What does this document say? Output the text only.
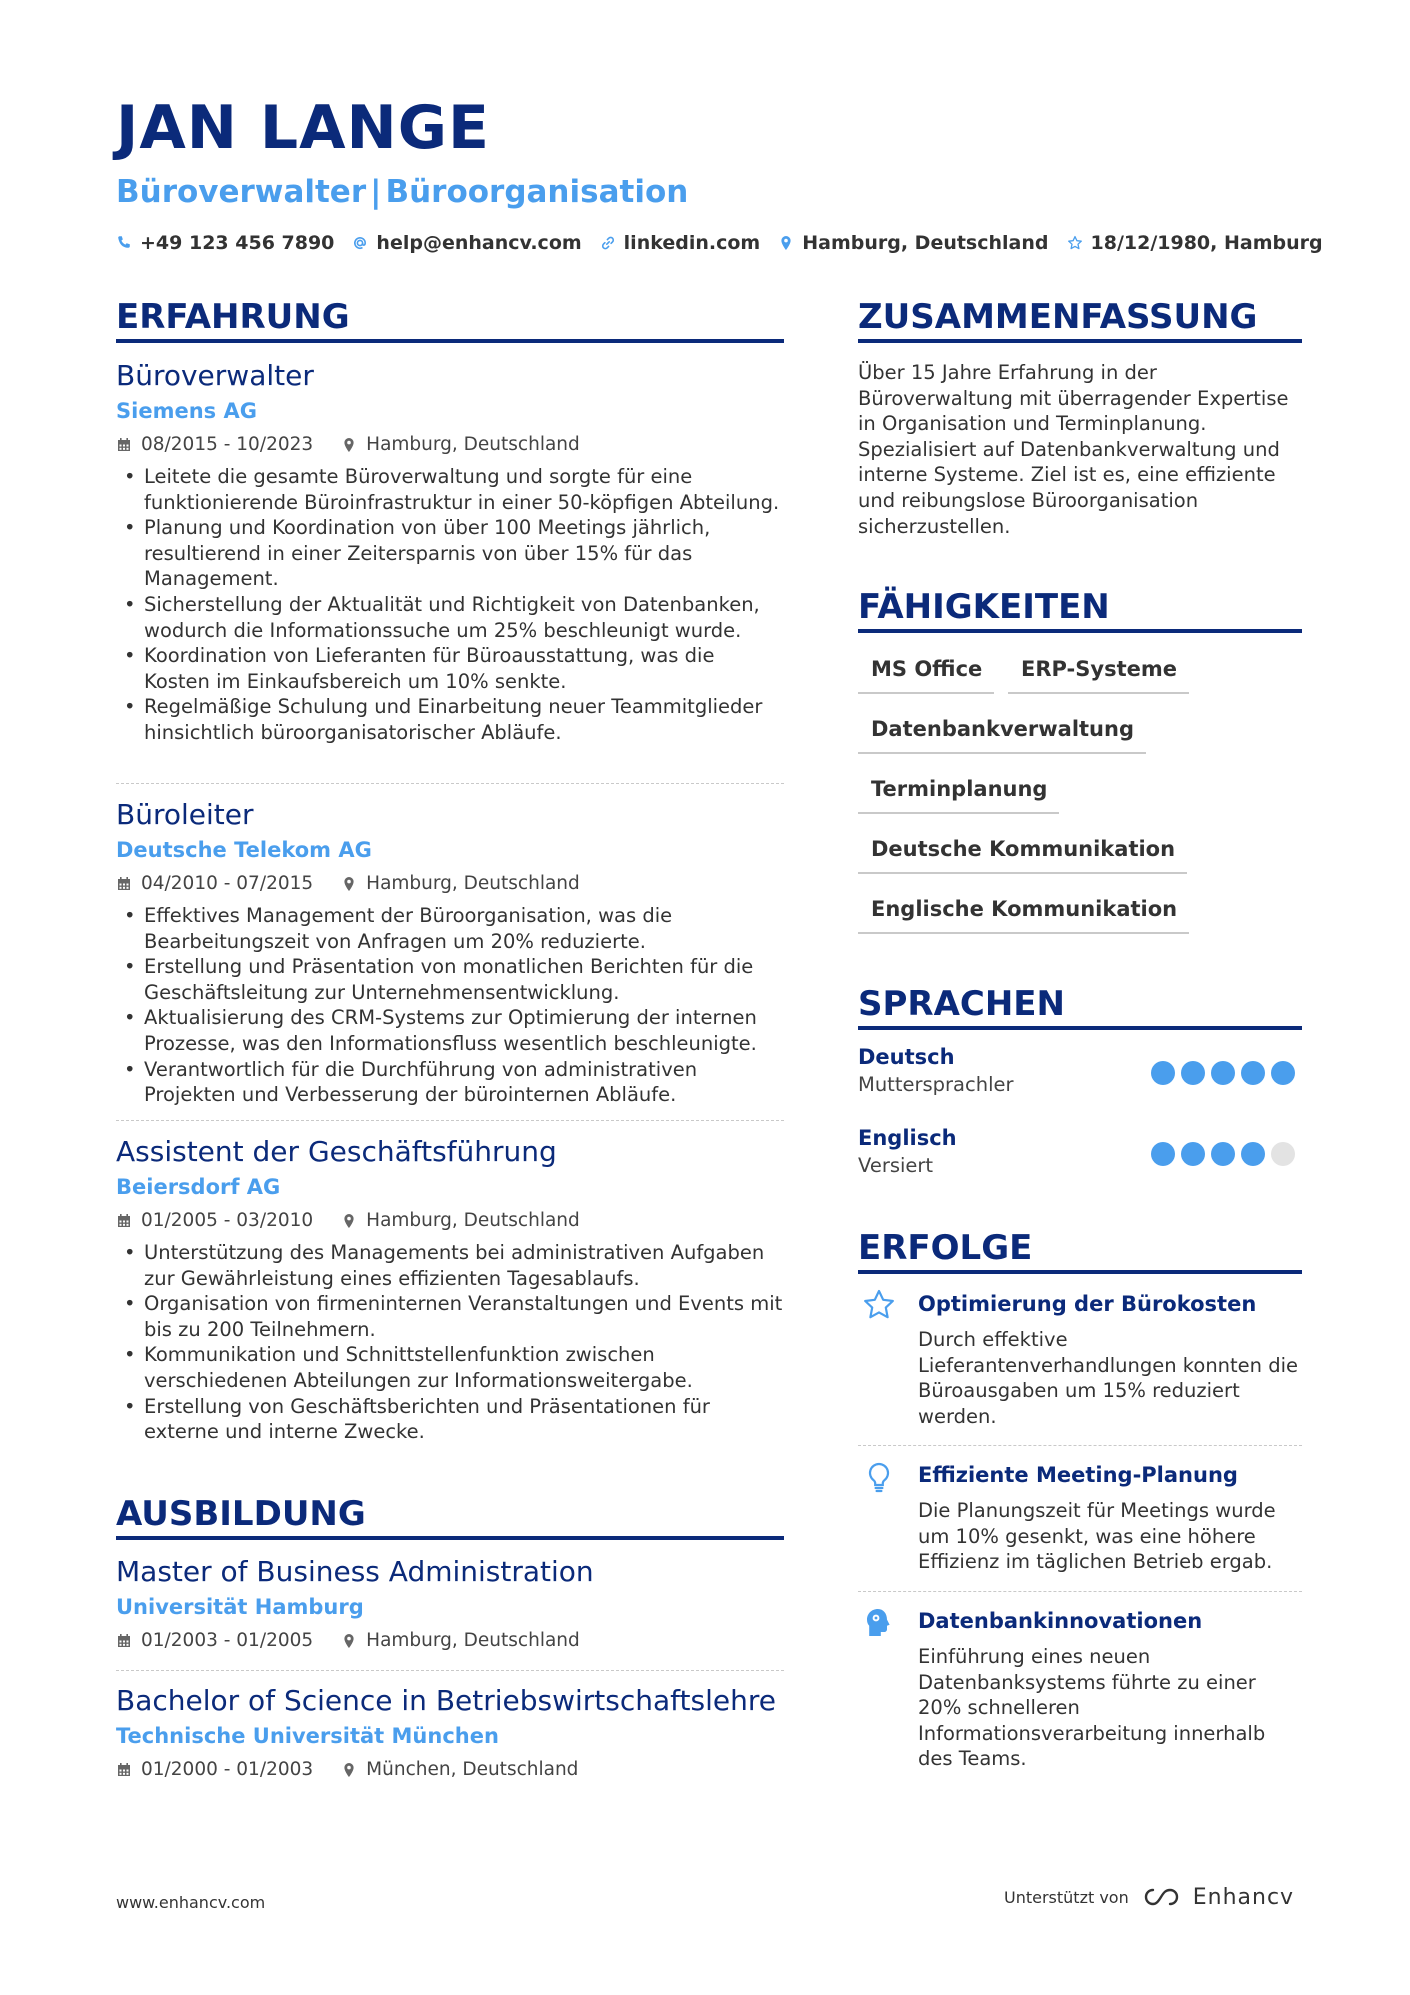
JAN LANGE
Büroverwalter | Büroorganisation
+49 123 456 7890 help@enhancv.com linkedin.com Hamburg, Deutschland 18/12/1980, Hamburg
ERFAHRUNG
Büroverwalter
Siemens AG
08/2015 - 10/2023	Hamburg, Deutschland
• Leitete die gesamte Büroverwaltung und sorgte für eine funktionierende Büroinfrastruktur in einer 50-köpfigen Abteilung.
• Planung und Koordination von über 100 Meetings jährlich, resultierend in einer Zeitersparnis von über 15% für das Management.
• Sicherstellung der Aktualität und Richtigkeit von Datenbanken, wodurch die Informationssuche um 25% beschleunigt wurde.
• Koordination von Lieferanten für Büroausstattung, was die Kosten im Einkaufsbereich um 10% senkte.
• Regelmäßige Schulung und Einarbeitung neuer Teammitglieder hinsichtlich büroorganisatorischer Abläufe.
Büroleiter
Deutsche Telekom AG
04/2010 - 07/2015	Hamburg, Deutschland
• Effektives Management der Büroorganisation, was die Bearbeitungszeit von Anfragen um 20% reduzierte.
• Erstellung und Präsentation von monatlichen Berichten für die Geschäftsleitung zur Unternehmensentwicklung.
• Aktualisierung des CRM-Systems zur Optimierung der internen Prozesse, was den Informationsfluss wesentlich beschleunigte.
• Verantwortlich für die Durchführung von administrativen Projekten und Verbesserung der bürointernen Abläufe.
Assistent der Geschäftsführung
Beiersdorf AG
01/2005 - 03/2010	Hamburg, Deutschland
• Unterstützung des Managements bei administrativen Aufgaben zur Gewährleistung eines effizienten Tagesablaufs.
• Organisation von firmeninternen Veranstaltungen und Events mit bis zu 200 Teilnehmern.
• Kommunikation und Schnittstellenfunktion zwischen verschiedenen Abteilungen zur Informationsweitergabe.
• Erstellung von Geschäftsberichten und Präsentationen für externe und interne Zwecke.
AUSBILDUNG
Master of Business Administration
Universität Hamburg
01/2003 - 01/2005	Hamburg, Deutschland
Bachelor of Science in Betriebswirtschaftslehre
Technische Universität München
01/2000 - 01/2003	München, Deutschland
ZUSAMMENFASSUNG
Über 15 Jahre Erfahrung in der Büroverwaltung mit überragender Expertise in Organisation und Terminplanung. Spezialisiert auf Datenbankverwaltung und interne Systeme. Ziel ist es, eine effiziente und reibungslose Büroorganisation sicherzustellen.
FÄHIGKEITEN
MS Office	ERP-Systeme
Datenbankverwaltung
Terminplanung
Deutsche Kommunikation
Englische Kommunikation
SPRACHEN
Deutsch
Muttersprachler
Englisch
Versiert
ERFOLGE
Optimierung der Bürokosten
Durch effektive Lieferantenverhandlungen konnten die Büroausgaben um 15% reduziert werden.
Effiziente Meeting-Planung
Die Planungszeit für Meetings wurde um 10% gesenkt, was eine höhere Effizienz im täglichen Betrieb ergab.
Datenbankinnovationen
Einführung eines neuen Datenbanksystems führte zu einer 20% schnelleren Informationsverarbeitung innerhalb des Teams.
www.enhancv.com	Unterstützt von	Enhancv
